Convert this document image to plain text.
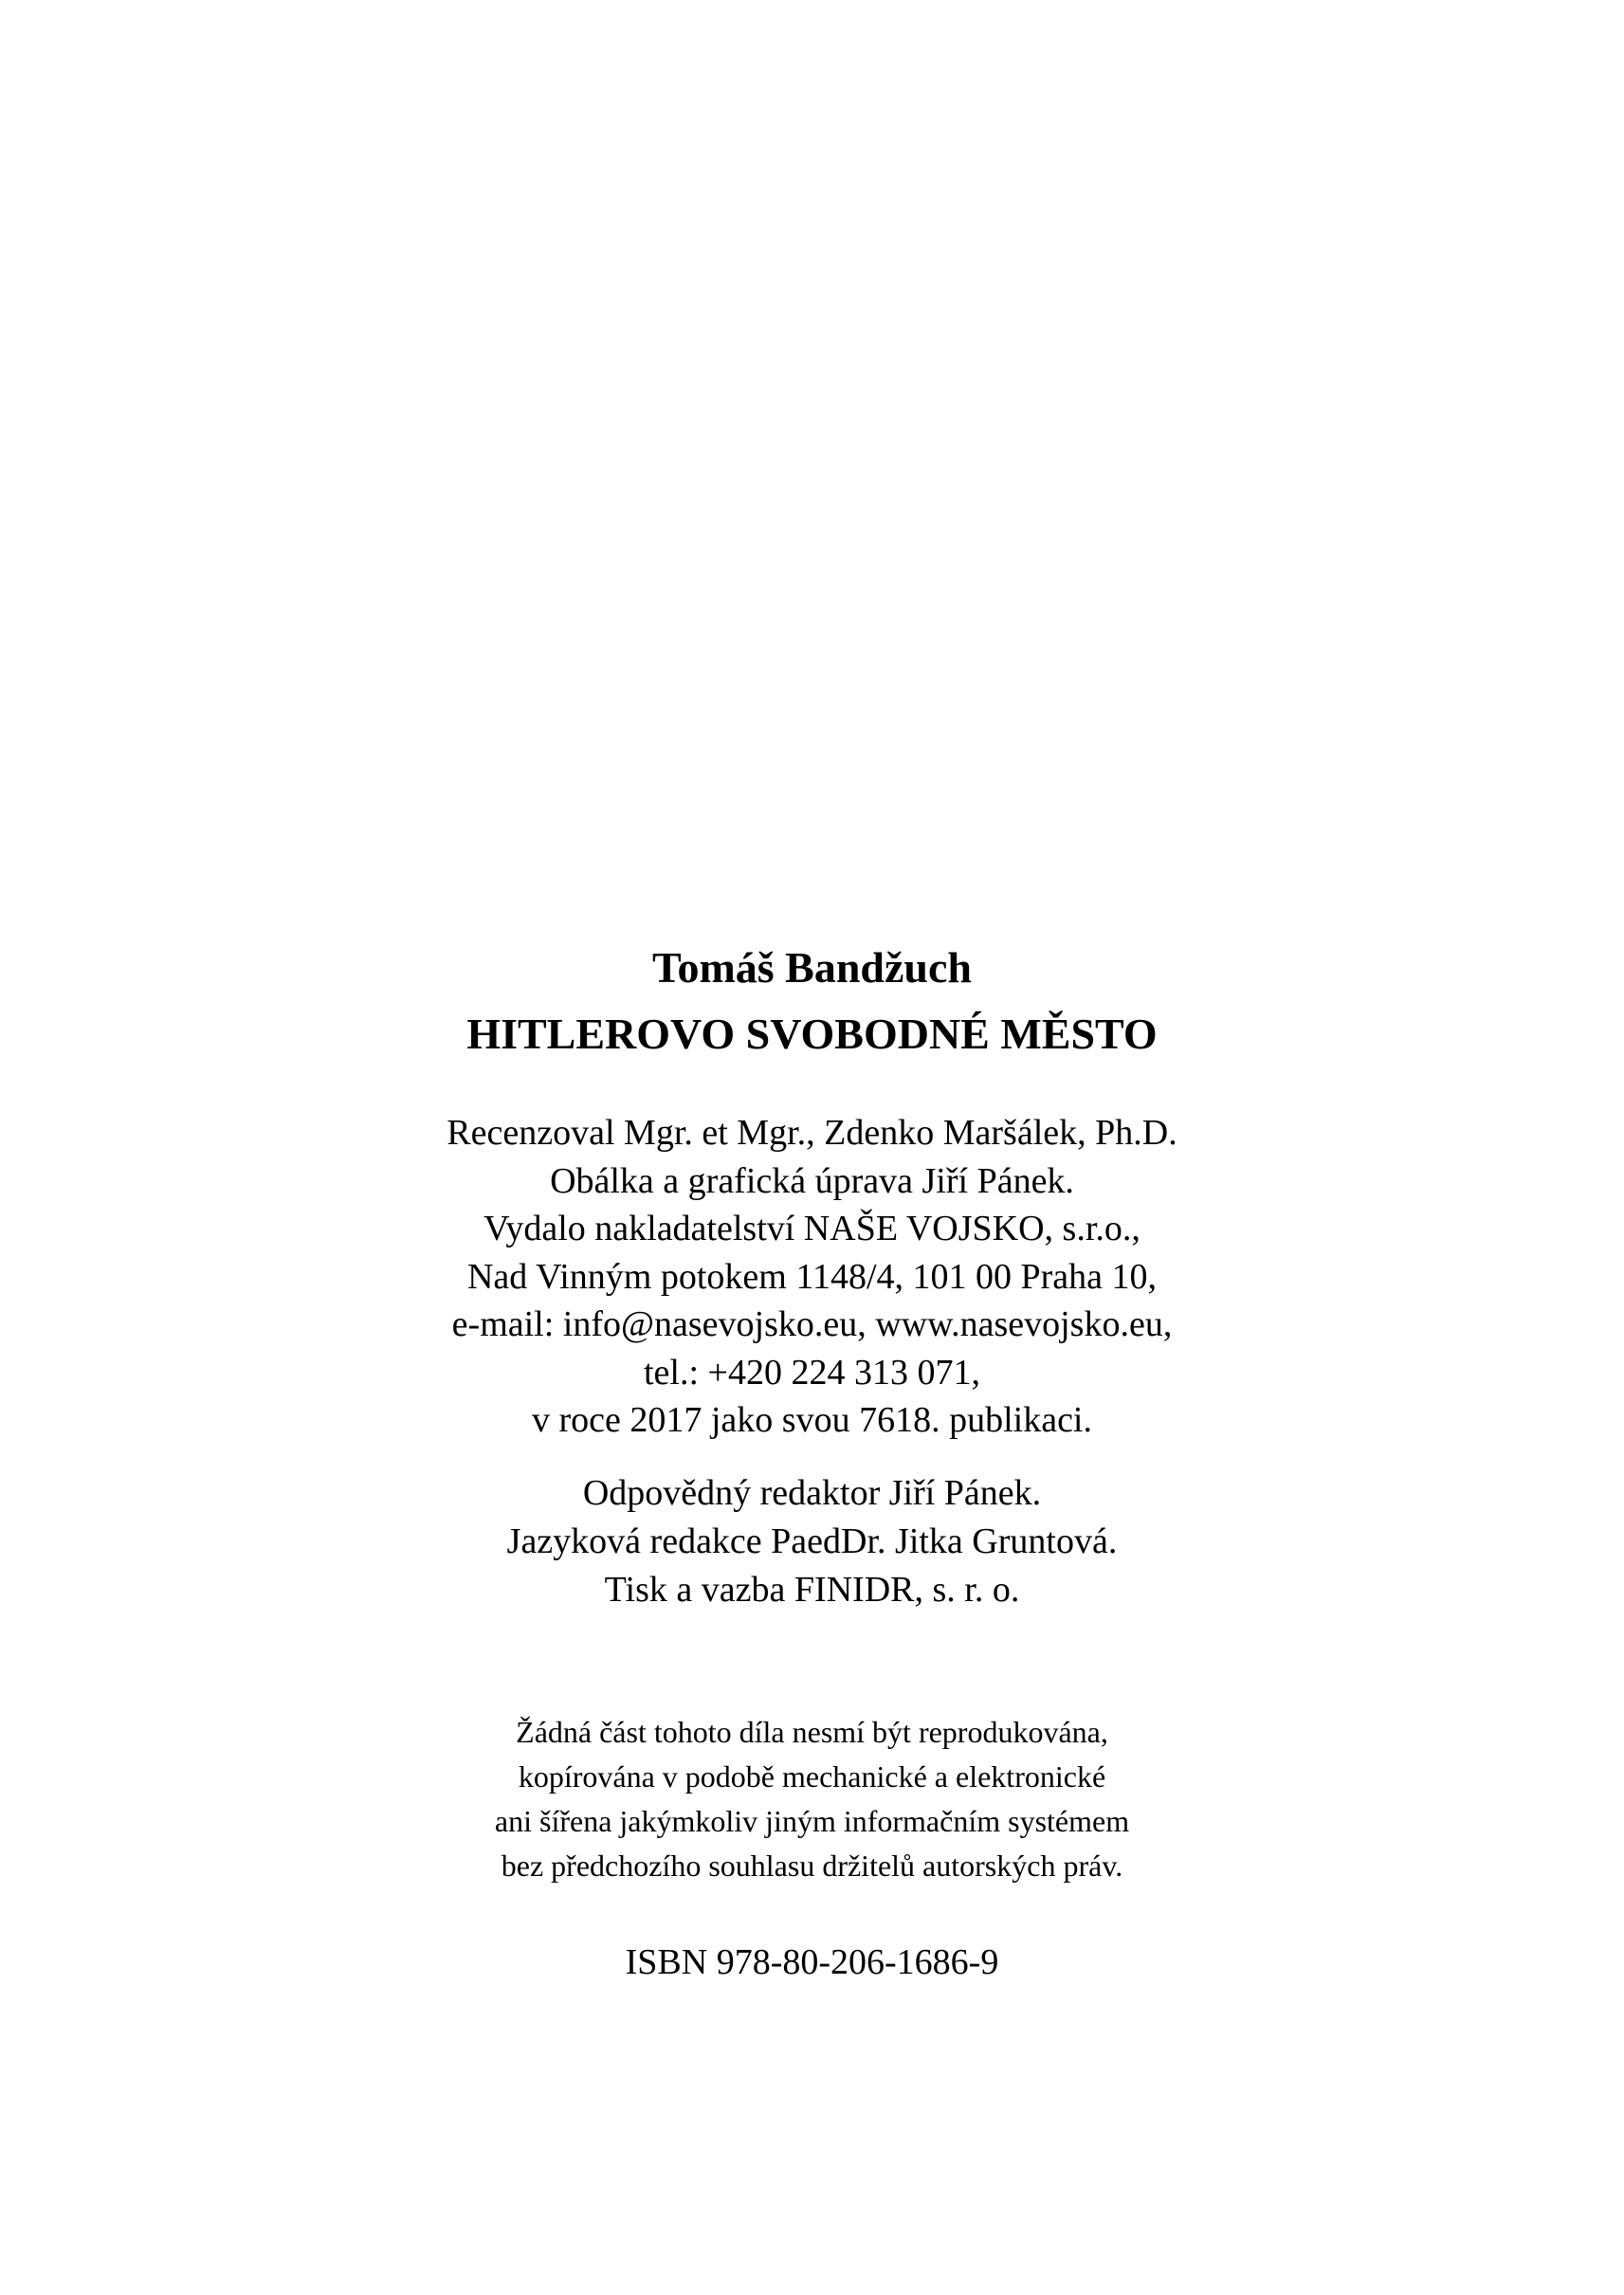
Tomáš Bandžuch
HITLEROVO SVOBODNÉ MĚSTO
Recenzoval Mgr. et Mgr., Zdenko Maršálek, Ph.D.
Obálka a grafická úprava Jiří Pánek.
Vydalo nakladatelství NAŠE VOJSKO, s.r.o.,
Nad Vinným potokem 1148/4, 101 00 Praha 10,
e-mail: info@nasevojsko.eu, www.nasevojsko.eu,
tel.: +420 224 313 071,
v roce 2017 jako svou 7618. publikaci.
Odpovědný redaktor Jiří Pánek.
Jazyková redakce PaedDr. Jitka Gruntová.
Tisk a vazba FINIDR, s. r. o.
Žádná část tohoto díla nesmí být reprodukována,
kopírována v podobě mechanické a elektronické
ani šířena jakýmkoliv jiným informačním systémem
bez předchozího souhlasu držitelů autorských práv.
ISBN 978-80-206-1686-9
